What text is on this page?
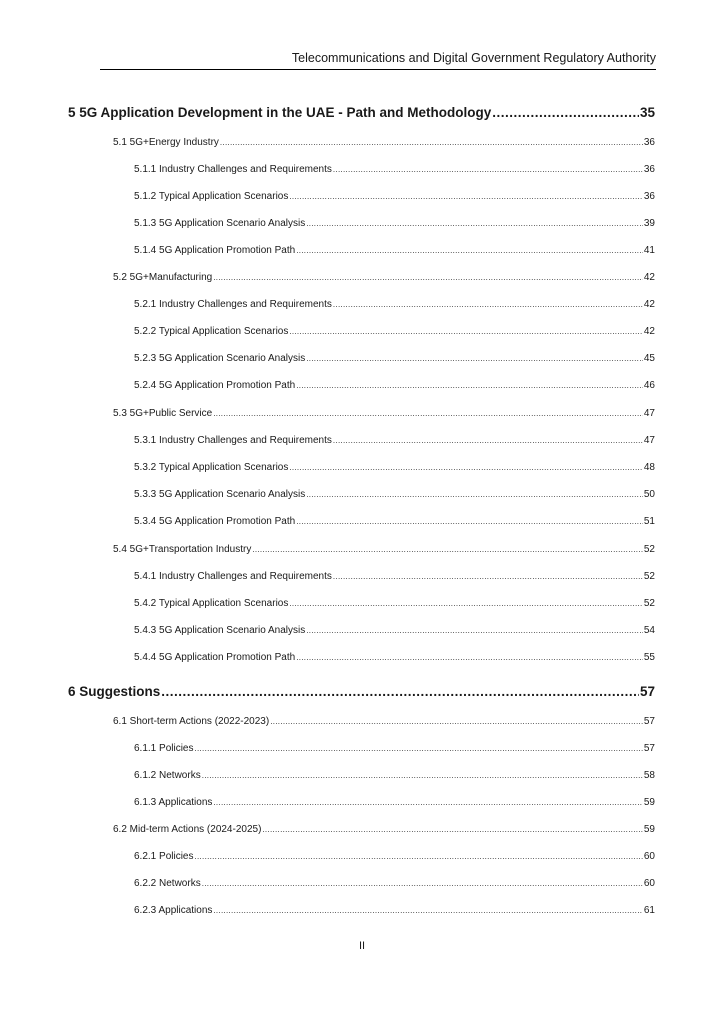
Telecommunications and Digital Government Regulatory Authority
5 5G Application Development in the UAE - Path and Methodology .....	35
5.1 5G+Energy Industry .....	36
5.1.1 Industry Challenges and Requirements .....	36
5.1.2 Typical Application Scenarios .....	36
5.1.3 5G Application Scenario Analysis .....	39
5.1.4 5G Application Promotion Path .....	41
5.2 5G+Manufacturing .....	42
5.2.1 Industry Challenges and Requirements .....	42
5.2.2 Typical Application Scenarios .....	42
5.2.3 5G Application Scenario Analysis .....	45
5.2.4 5G Application Promotion Path .....	46
5.3 5G+Public Service .....	47
5.3.1 Industry Challenges and Requirements .....	47
5.3.2 Typical Application Scenarios .....	48
5.3.3 5G Application Scenario Analysis .....	50
5.3.4 5G Application Promotion Path .....	51
5.4 5G+Transportation Industry .....	52
5.4.1 Industry Challenges and Requirements .....	52
5.4.2 Typical Application Scenarios .....	52
5.4.3 5G Application Scenario Analysis .....	54
5.4.4 5G Application Promotion Path .....	55
6 Suggestions .....	57
6.1 Short-term Actions (2022-2023) .....	57
6.1.1 Policies .....	57
6.1.2 Networks .....	58
6.1.3 Applications .....	59
6.2 Mid-term Actions (2024-2025) .....	59
6.2.1 Policies .....	60
6.2.2 Networks .....	60
6.2.3 Applications .....	61
II
